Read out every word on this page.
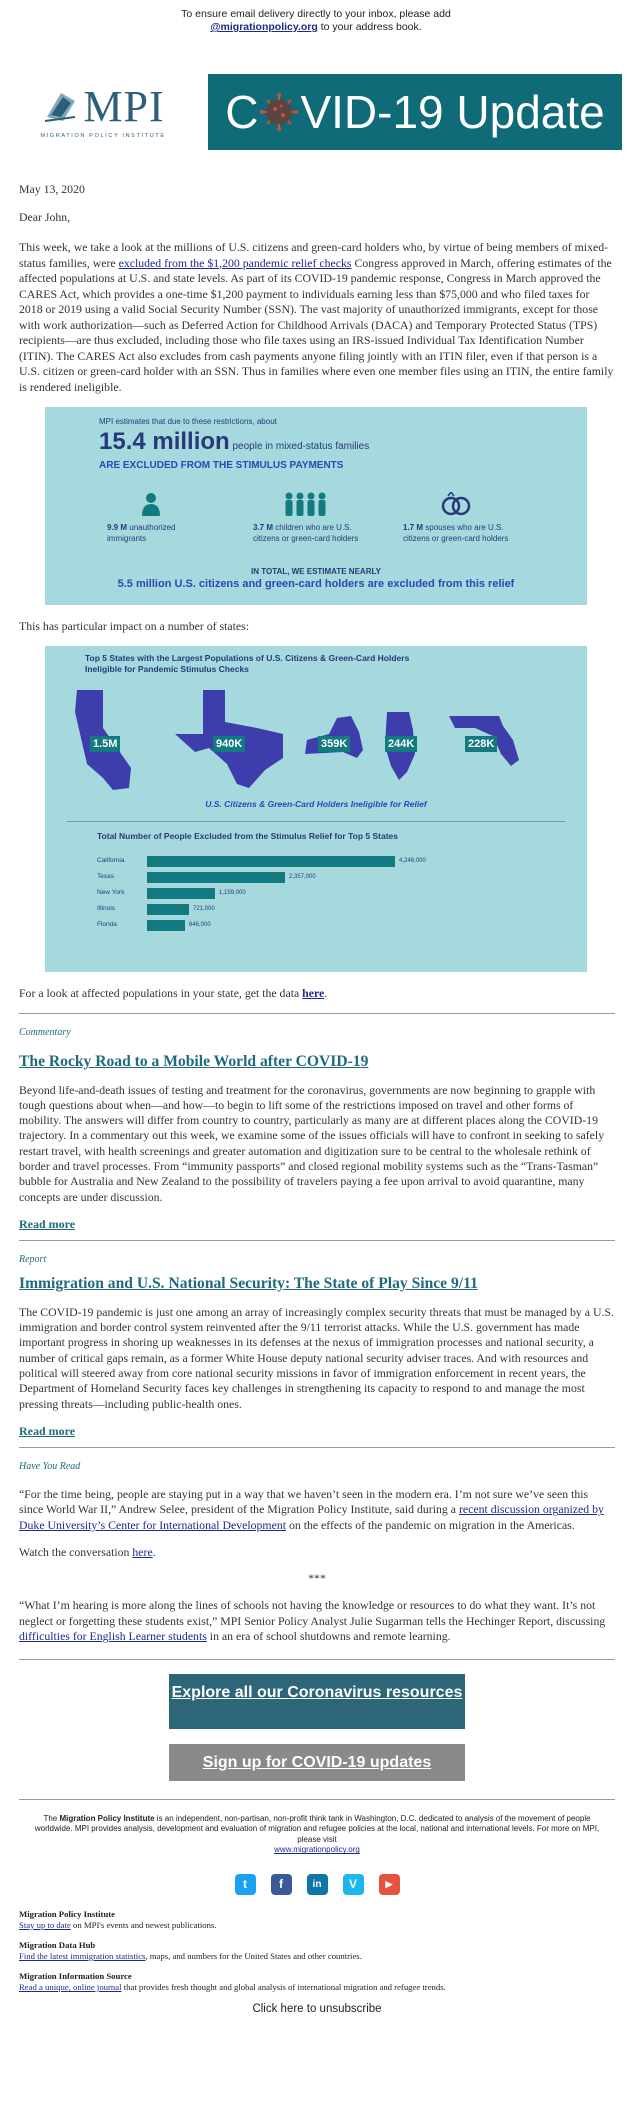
To ensure email delivery directly to your inbox, please add
@migrationpolicy.org to your address book.
MPI
MIGRATION POLICY INSTITUTE C VID-19 Update
May 13, 2020
Dear John,
This week, we take a look at the millions of U.S. citizens and green-card holders who, by virtue of being members of mixed-status families, were excluded from the $1,200 pandemic relief checks Congress approved in March, offering estimates of the affected populations at U.S. and state levels. As part of its COVID-19 pandemic response, Congress in March approved the CARES Act, which provides a one-time $1,200 payment to individuals earning less than $75,000 and who filed taxes for 2018 or 2019 using a valid Social Security Number (SSN). The vast majority of unauthorized immigrants, except for those with work authorization—such as Deferred Action for Childhood Arrivals (DACA) and Temporary Protected Status (TPS) recipients—are thus excluded, including those who file taxes using an IRS-issued Individual Tax Identification Number (ITIN). The CARES Act also excludes from cash payments anyone filing jointly with an ITIN filer, even if that person is a U.S. citizen or green-card holder with an SSN. Thus in families where even one member files using an ITIN, the entire family is rendered ineligible.
MPI estimates that due to these restrictions, about
15.4 million people in mixed-status families
ARE EXCLUDED FROM THE STIMULUS PAYMENTS
9.9 M unauthorized
immigrants
3.7 M children who are U.S.
citizens or green-card holders
1.7 M spouses who are U.S.
citizens or green-card holders
IN TOTAL, WE ESTIMATE NEARLY
5.5 million U.S. citizens and green-card holders are excluded from this relief
This has particular impact on a number of states:
Top 5 States with the Largest Populations of U.S. Citizens & Green-Card Holders Ineligible for Pandemic Stimulus Checks
1.5M	940K	359K	244K	228K
U.S. Citizens & Green-Card Holders Ineligible for Relief
Total Number of People Excluded from the Stimulus Relief for Top 5 States
California	4,246,000
Texas	2,357,000
New York	1,159,000
Illinois	721,000
Florida	646,000
For a look at affected populations in your state, get the data here.
Commentary
The Rocky Road to a Mobile World after COVID-19
Beyond life-and-death issues of testing and treatment for the coronavirus, governments are now beginning to grapple with tough questions about when—and how—to begin to lift some of the restrictions imposed on travel and other forms of mobility. The answers will differ from country to country, particularly as many are at different places along the COVID-19 trajectory. In a commentary out this week, we examine some of the issues officials will have to confront in seeking to safely restart travel, with health screenings and greater automation and digitization sure to be central to the wholesale rethink of border and travel processes. From “immunity passports” and closed regional mobility systems such as the “Trans-Tasman” bubble for Australia and New Zealand to the possibility of travelers paying a fee upon arrival to avoid quarantine, many concepts are under discussion.
Read more
Report
Immigration and U.S. National Security: The State of Play Since 9/11
The COVID-19 pandemic is just one among an array of increasingly complex security threats that must be managed by a U.S. immigration and border control system reinvented after the 9/11 terrorist attacks. While the U.S. government has made important progress in shoring up weaknesses in its defenses at the nexus of immigration processes and national security, a number of critical gaps remain, as a former White House deputy national security adviser traces. And with resources and political will steered away from core national security missions in favor of immigration enforcement in recent years, the Department of Homeland Security faces key challenges in strengthening its capacity to respond to and manage the most pressing threats—including public-health ones.
Read more
Have You Read
“For the time being, people are staying put in a way that we haven’t seen in the modern era. I’m not sure we’ve seen this since World War II,” Andrew Selee, president of the Migration Policy Institute, said during a recent discussion organized by Duke University’s Center for International Development on the effects of the pandemic on migration in the Americas.
Watch the conversation here.
***
“What I’m hearing is more along the lines of schools not having the knowledge or resources to do what they want. It’s not neglect or forgetting these students exist,” MPI Senior Policy Analyst Julie Sugarman tells the Hechinger Report, discussing difficulties for English Learner students in an era of school shutdowns and remote learning.
Explore all our Coronavirus resources
Sign up for COVID-19 updates
The Migration Policy Institute is an independent, non-partisan, non-profit think tank in Washington, D.C. dedicated to analysis of the movement of people worldwide. MPI provides analysis, development and evaluation of migration and refugee policies at the local, national and international levels. For more on MPI, please visit
www.migrationpolicy.org
t	f	in	V	▶
Migration Policy Institute
Stay up to date on MPI's events and newest publications.
Migration Data Hub
Find the latest immigration statistics, maps, and numbers for the United States and other countries.
Migration Information Source
Read a unique, online journal that provides fresh thought and global analysis of international migration and refugee trends.
Click here to unsubscribe
